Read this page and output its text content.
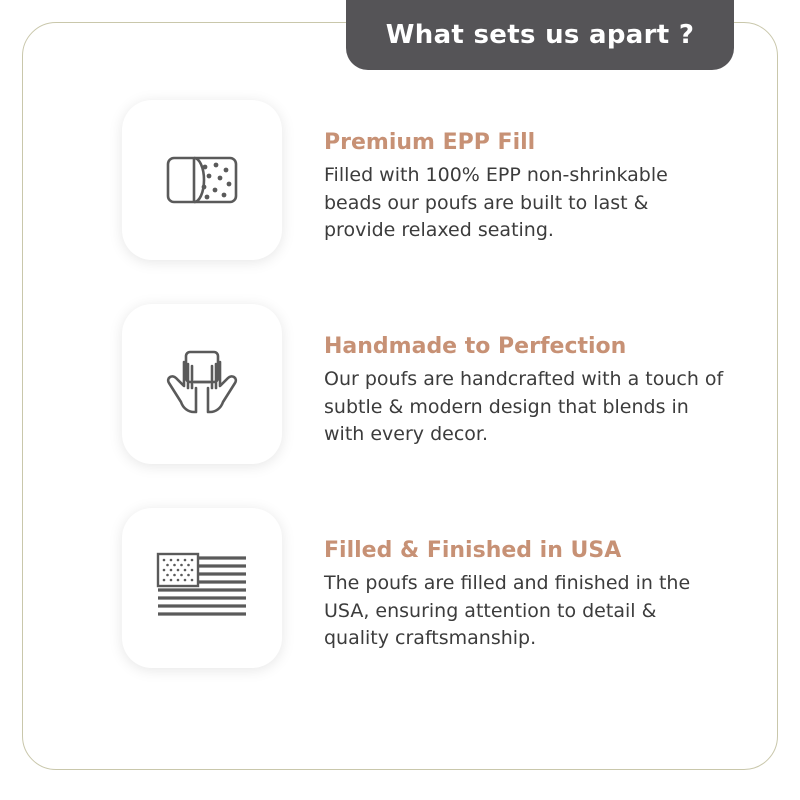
What sets us apart ?

Premium EPP Fill

Filled with 100% EPP non-shrinkable beads our poufs are built to last & provide relaxed seating.

Handmade to Perfection

Our poufs are handcrafted with a touch of subtle & modern design that blends in with every decor.

Filled & Finished in USA

The poufs are filled and finished in the USA, ensuring attention to detail & quality craftsmanship.
